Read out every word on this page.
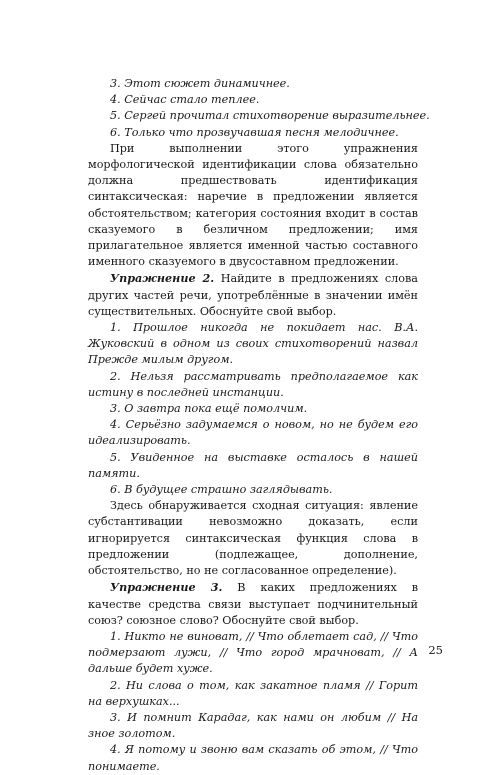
3. Этот сюжет динамичнее.
4. Сейчас стало теплее.
5. Сергей прочитал стихотворение выразительнее.
6. Только что прозвучавшая песня мелодичнее.
При выполнении этого упражнения морфологической идентификации слова обязательно должна предшествовать идентификация синтаксическая: наречие в предложении является обстоятельством; категория состояния входит в состав сказуемого в безличном предложении; имя прилагательное является именной частью составного именного сказуемого в двусоставном предложении.
Упражнение 2. Найдите в предложениях слова других частей речи, употреблённые в значении имён существительных. Обоснуйте свой выбор.
1. Прошлое никогда не покидает нас. В.А. Жуковский в одном из своих стихотворений назвал Прежде милым другом.
2. Нельзя рассматривать предполагаемое как истину в последней инстанции.
3. О завтра пока ещё помолчим.
4. Серьёзно задумаемся о новом, но не будем его идеализировать.
5. Увиденное на выставке осталось в нашей памяти.
6. В будущее страшно заглядывать.
Здесь обнаруживается сходная ситуация: явление субстантивации невозможно доказать, если игнорируется синтаксическая функция слова в предложении (подлежащее, дополнение, обстоятельство, но не согласованное определение).
Упражнение 3. В каких предложениях в качестве средства связи выступает подчинительный союз? союзное слово? Обоснуйте свой выбор.
1. Никто не виноват, // Что облетает сад, // Что подмерзают лужи, // Что город мрачноват, // А дальше будет хуже.
2. Ни слова о том, как закатное пламя // Горит на верхушках...
3. И помнит Карадаг, как нами он любим // На зное золотом.
4. Я потому и звоню вам сказать об этом, // Что понимаете.
25
